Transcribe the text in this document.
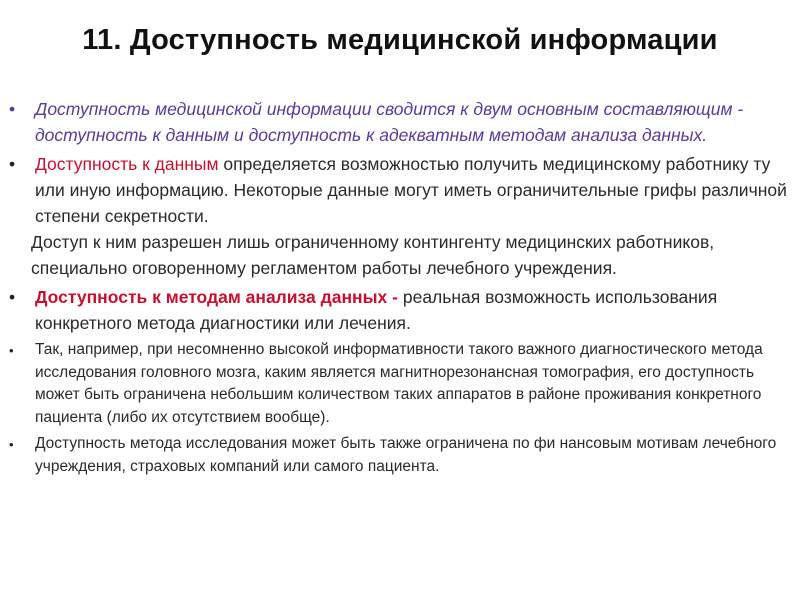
11. Доступность медицинской информации
• Доступность медицинской информации сводится к двум основным составляющим - доступность к данным и доступность к адекватным методам анализа данных.
• Доступность к данным определяется возможностью получить медицинскому работнику ту или иную информацию. Некоторые данные могут иметь ограничительные грифы различной степени секретности.
Доступ к ним разрешен лишь ограниченному контингенту медицинских работников, специально оговоренному регламентом работы лечебного учреждения.
• Доступность к методам анализа данных - реальная возможность использования конкретного метода диагностики или лечения.
• Так, например, при несомненно высокой информативности такого важного диагностического метода исследования головного мозга, каким является магнитнорезонансная томография, его доступность может быть ограничена небольшим количеством таких аппаратов в районе проживания конкретного пациента (либо их отсутствием вообще).
• Доступность метода исследования может быть также ограничена по фи нансовым мотивам лечебного учреждения, страховых компаний или самого пациента.
